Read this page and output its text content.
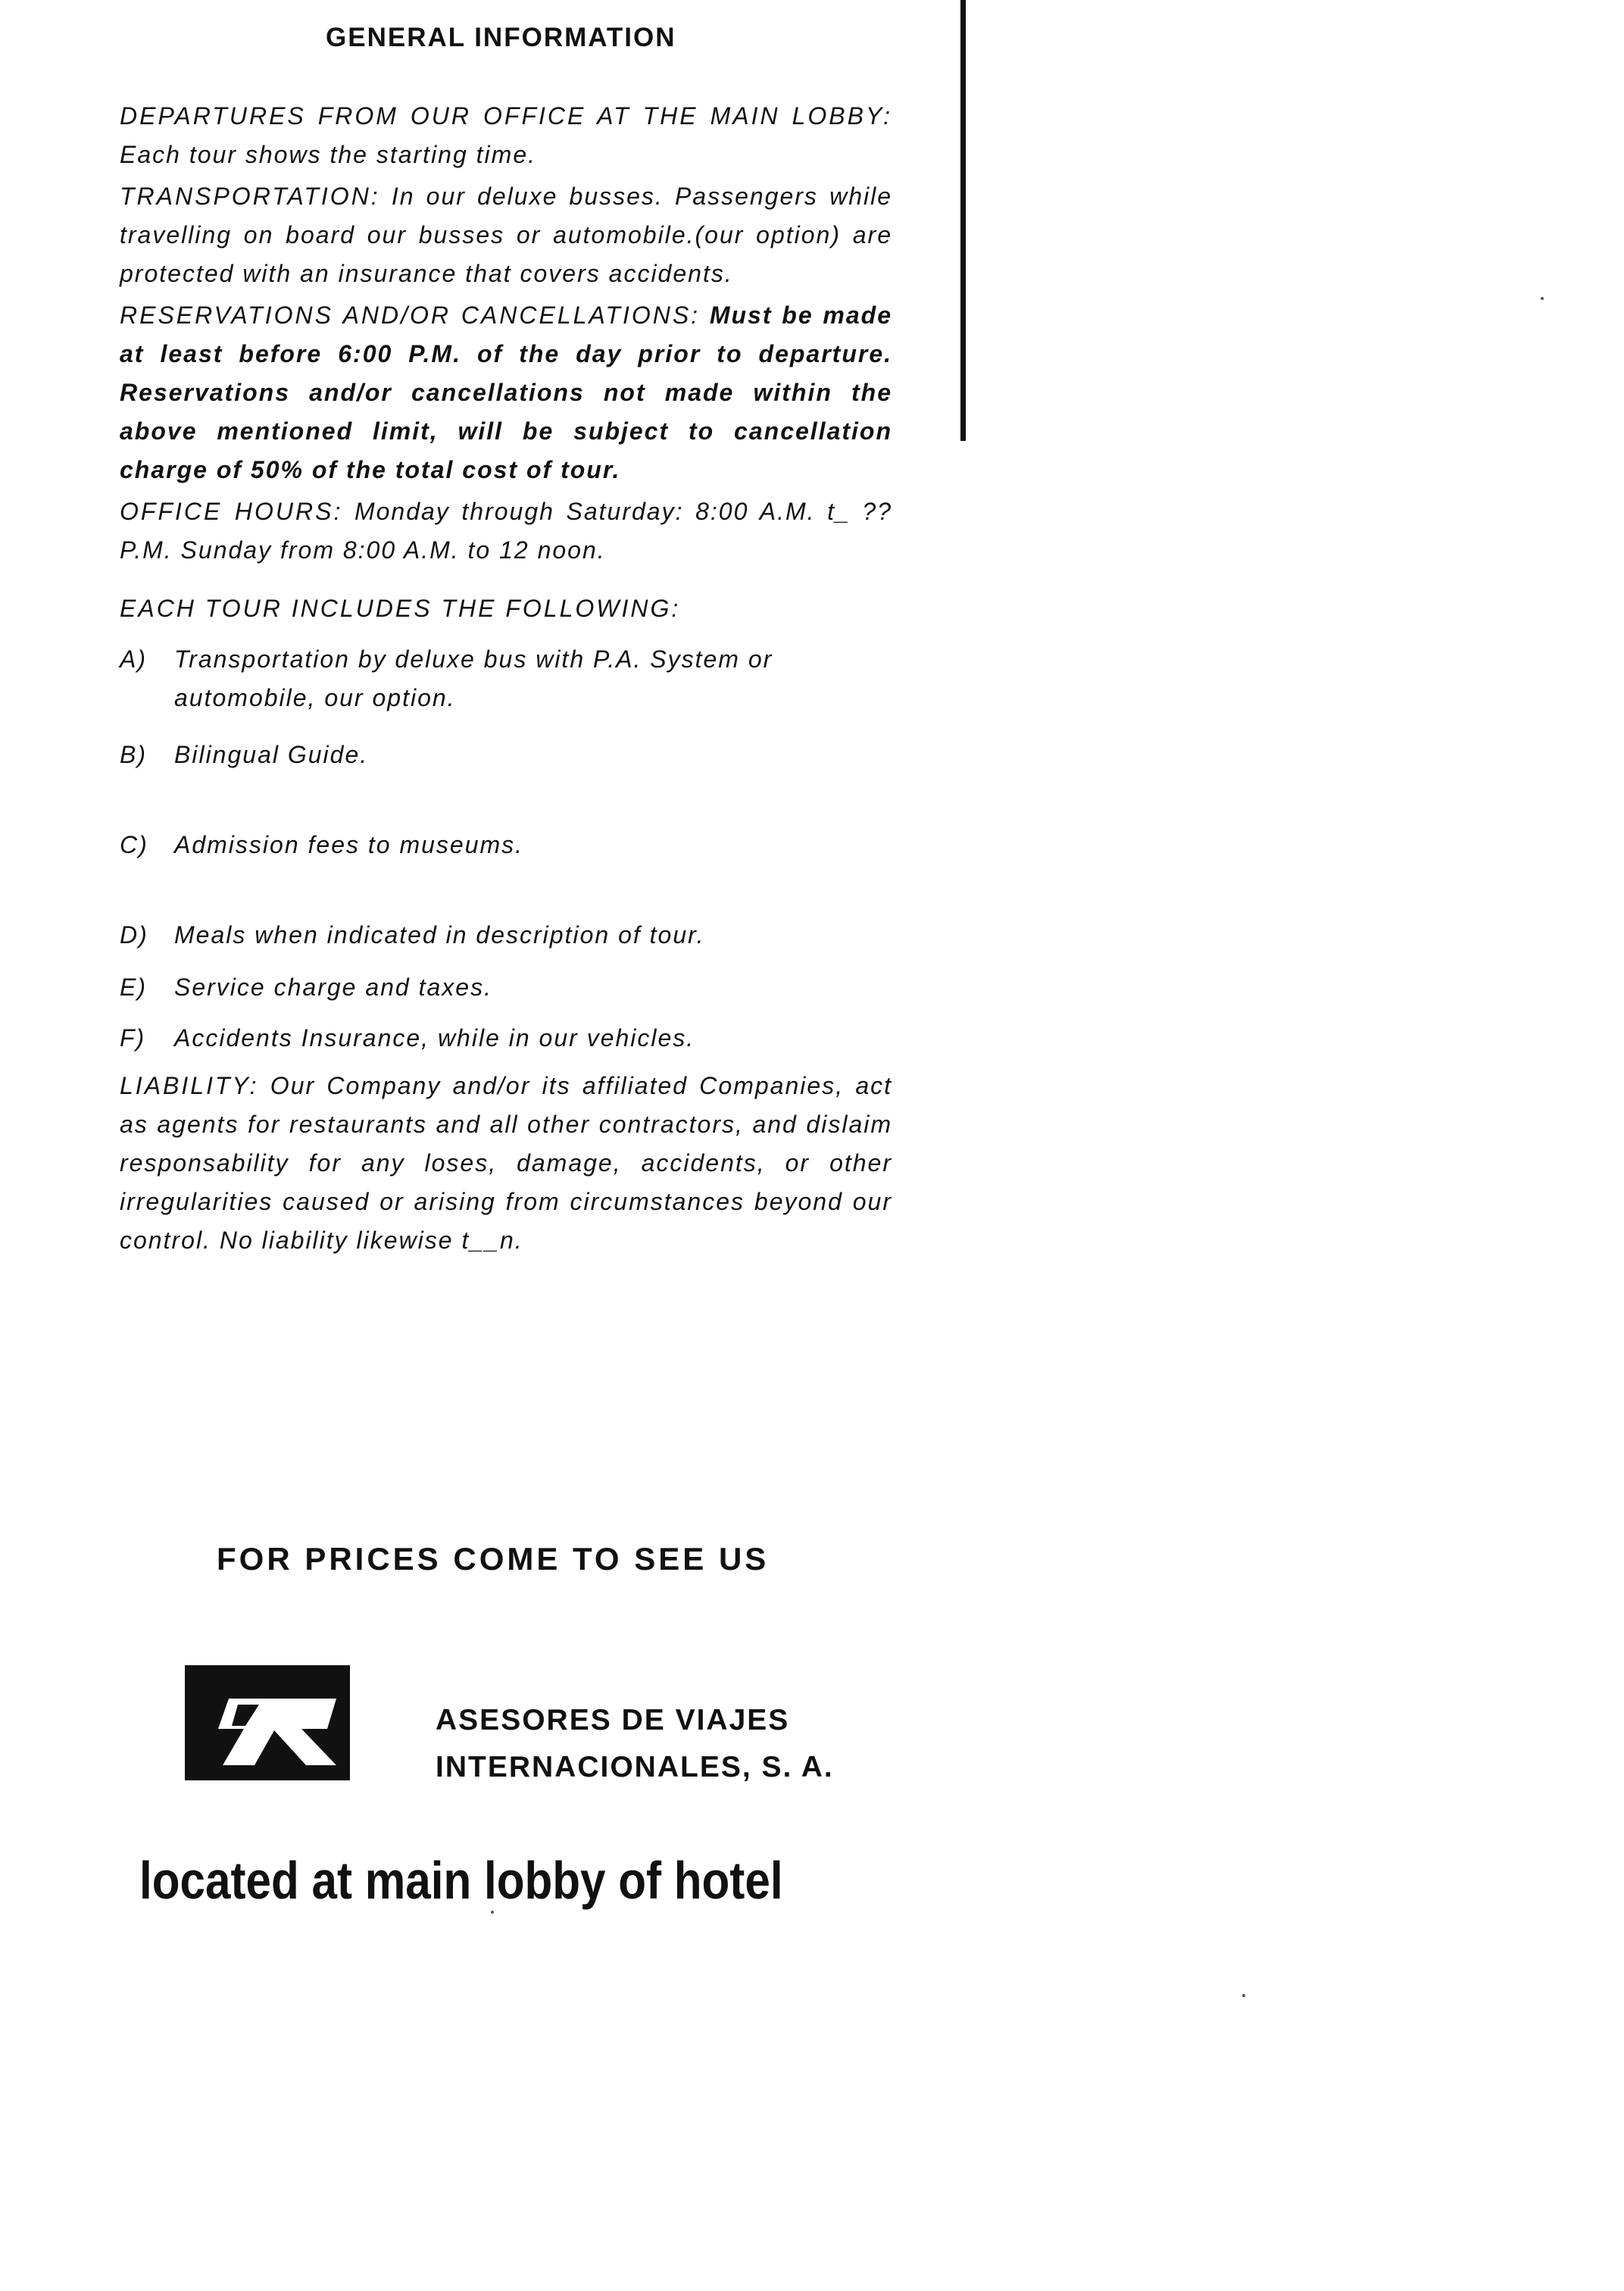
GENERAL INFORMATION

DEPARTURES FROM OUR OFFICE AT THE MAIN LOBBY: Each tour shows the starting time.

TRANSPORTATION: In our deluxe busses. Passengers while travelling on board our busses or automobile.(our option) are protected with an insurance that covers accidents.

RESERVATIONS AND/OR CANCELLATIONS: Must be made at least before 6:00 P.M. of the day prior to departure. Reservations and/or cancellations not made within the above mentioned limit, will be subject to cancellation charge of 50% of the total cost of tour.

OFFICE HOURS: Monday through Saturday: 8:00 A.M. t_ ?? P.M. Sunday from 8:00 A.M. to 12 noon.

EACH TOUR INCLUDES THE FOLLOWING:

A)	Transportation by deluxe bus with P.A. System or automobile, our option.
B)	Bilingual Guide.
C)	Admission fees to museums.
D)	Meals when indicated in description of tour.
E)	Service charge and taxes.
F)	Accidents Insurance, while in our vehicles.

LIABILITY: Our Company and/or its affiliated Companies, act as agents for restaurants and all other contractors, and dislaim responsability for any loses, damage, accidents, or other irregularities caused or arising from circumstances beyond our control. No liability likewise t__n.

FOR PRICES COME TO SEE US
ASESORES DE VIAJES
INTERNACIONALES, S. A.
located at main lobby of hotel
